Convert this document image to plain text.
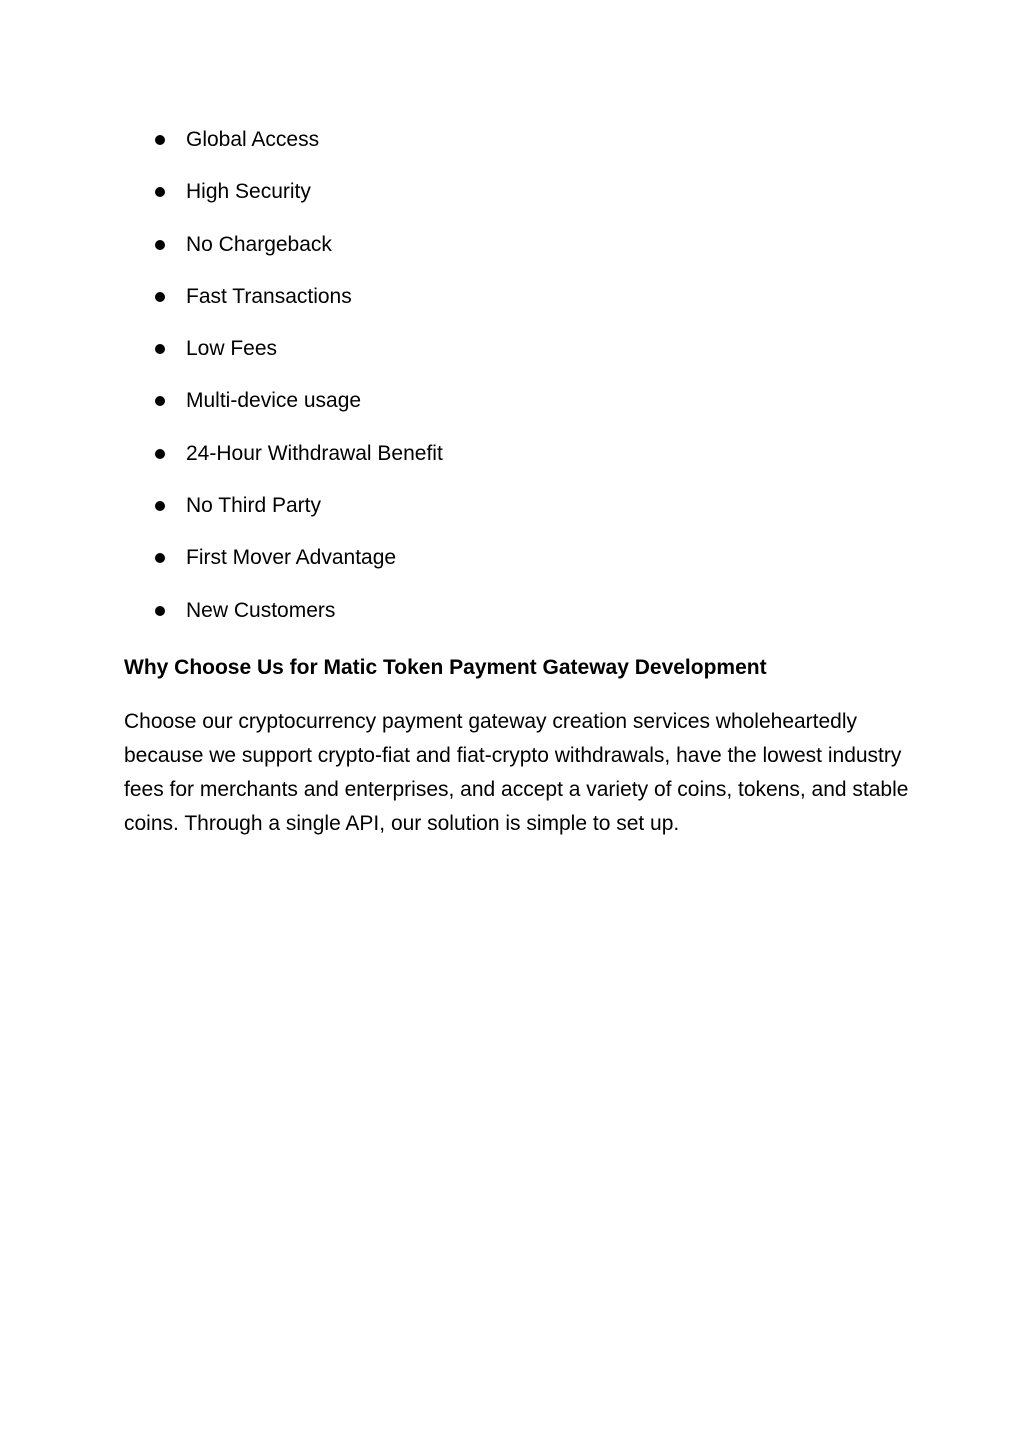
Global Access
High Security
No Chargeback
Fast Transactions
Low Fees
Multi-device usage
24-Hour Withdrawal Benefit
No Third Party
First Mover Advantage
New Customers
Why Choose Us for Matic Token Payment Gateway Development

Choose our cryptocurrency payment gateway creation services wholeheartedly because we support crypto-fiat and fiat-crypto withdrawals, have the lowest industry fees for merchants and enterprises, and accept a variety of coins, tokens, and stable coins. Through a single API, our solution is simple to set up.
